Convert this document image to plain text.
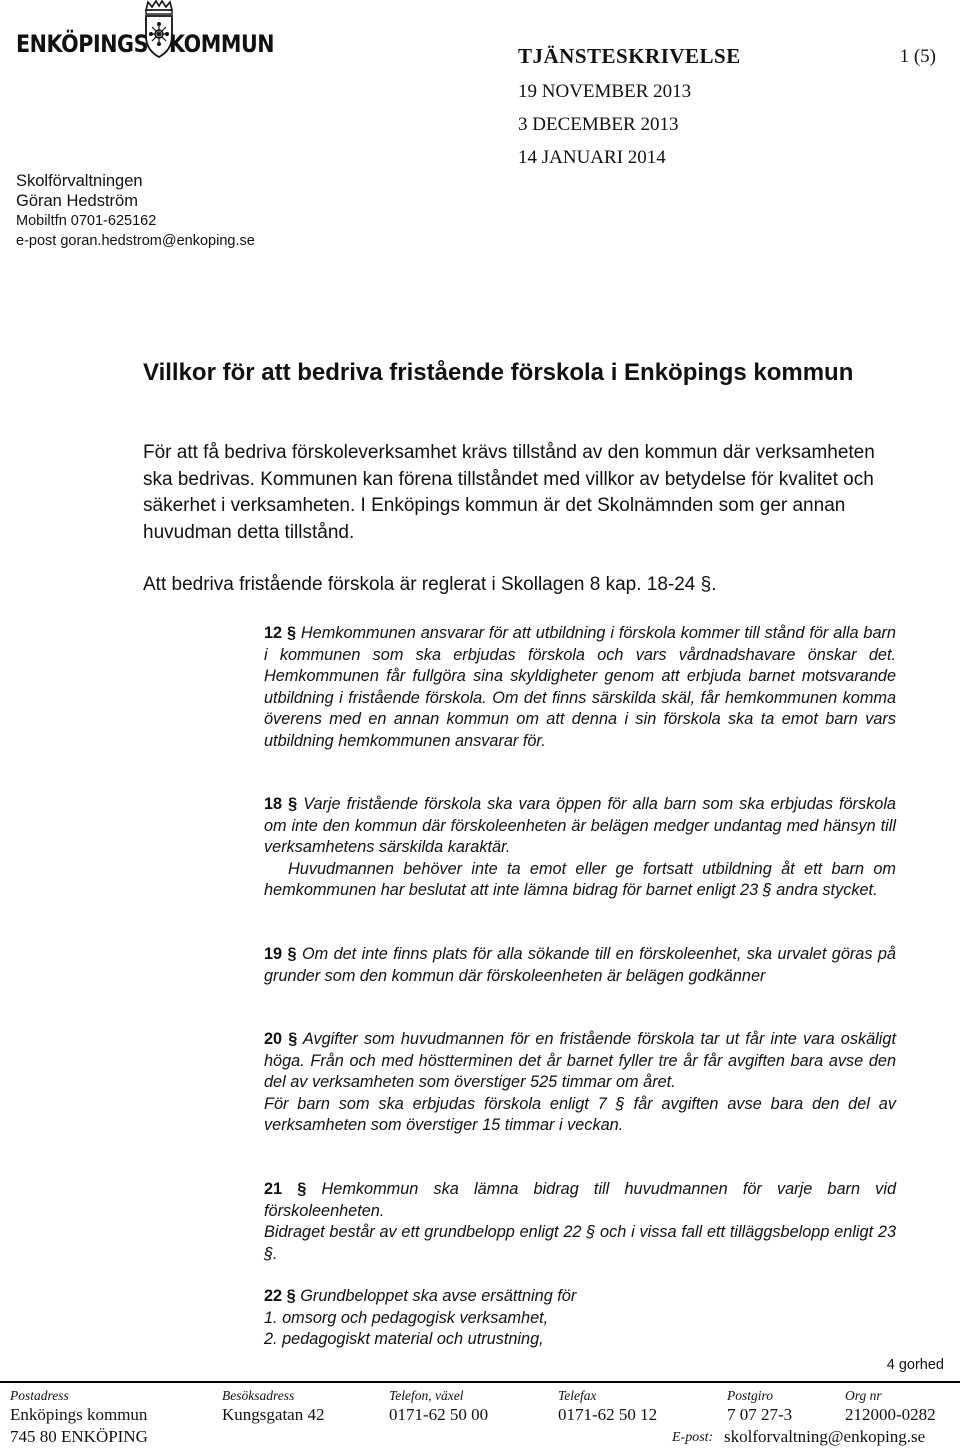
ENKÖPINGS KOMMUN
Skolförvaltningen
Göran Hedström
Mobiltfn 0701-625162
e-post goran.hedstrom@enkoping.se
TJÄNSTESKRIVELSE	1 (5)
19 NOVEMBER 2013
3 DECEMBER 2013
14 JANUARI 2014
Villkor för att bedriva fristående förskola i Enköpings kommun
För att få bedriva förskoleverksamhet krävs tillstånd av den kommun där verksamheten ska bedrivas. Kommunen kan förena tillståndet med villkor av betydelse för kvalitet och säkerhet i verksamheten. I Enköpings kommun är det Skolnämnden som ger annan huvudman detta tillstånd.
Att bedriva fristående förskola är reglerat i Skollagen 8 kap. 18-24 §.

12 § Hemkommunen ansvarar för att utbildning i förskola kommer till stånd för alla barn i kommunen som ska erbjudas förskola och vars vårdnadshavare önskar det. Hemkommunen får fullgöra sina skyldigheter genom att erbjuda barnet motsvarande utbildning i fristående förskola. Om det finns särskilda skäl, får hemkommunen komma överens med en annan kommun om att denna i sin förskola ska ta emot barn vars utbildning hemkommunen ansvarar för.

18 § Varje fristående förskola ska vara öppen för alla barn som ska erbjudas förskola om inte den kommun där förskoleenheten är belägen medger undantag med hänsyn till verksamhetens särskilda karaktär.

Huvudmannen behöver inte ta emot eller ge fortsatt utbildning åt ett barn om hemkommunen har beslutat att inte lämna bidrag för barnet enligt 23 § andra stycket.

19 § Om det inte finns plats för alla sökande till en förskoleenhet, ska urvalet göras på grunder som den kommun där förskoleenheten är belägen godkänner

20 § Avgifter som huvudmannen för en fristående förskola tar ut får inte vara oskäligt höga. Från och med höstterminen det år barnet fyller tre år får avgiften bara avse den del av verksamheten som överstiger 525 timmar om året.

För barn som ska erbjudas förskola enligt 7 § får avgiften avse bara den del av verksamheten som överstiger 15 timmar i veckan.

21 § Hemkommun ska lämna bidrag till huvudmannen för varje barn vid förskoleenheten.

Bidraget består av ett grundbelopp enligt 22 § och i vissa fall ett tilläggsbelopp enligt 23 §.

22 § Grundbeloppet ska avse ersättning för

1. omsorg och pedagogisk verksamhet,

2. pedagogiskt material och utrustning,

4 gorhed
Postadress	Besöksadress	Telefon, växel	Telefax	Postgiro	Org nr
Enköpings kommun	Kungsgatan 42	0171-62 50 00	0171-62 50 12	7 07 27-3	212000-0282
745 80 ENKÖPING	E-post: skolforvaltning@enkoping.se
